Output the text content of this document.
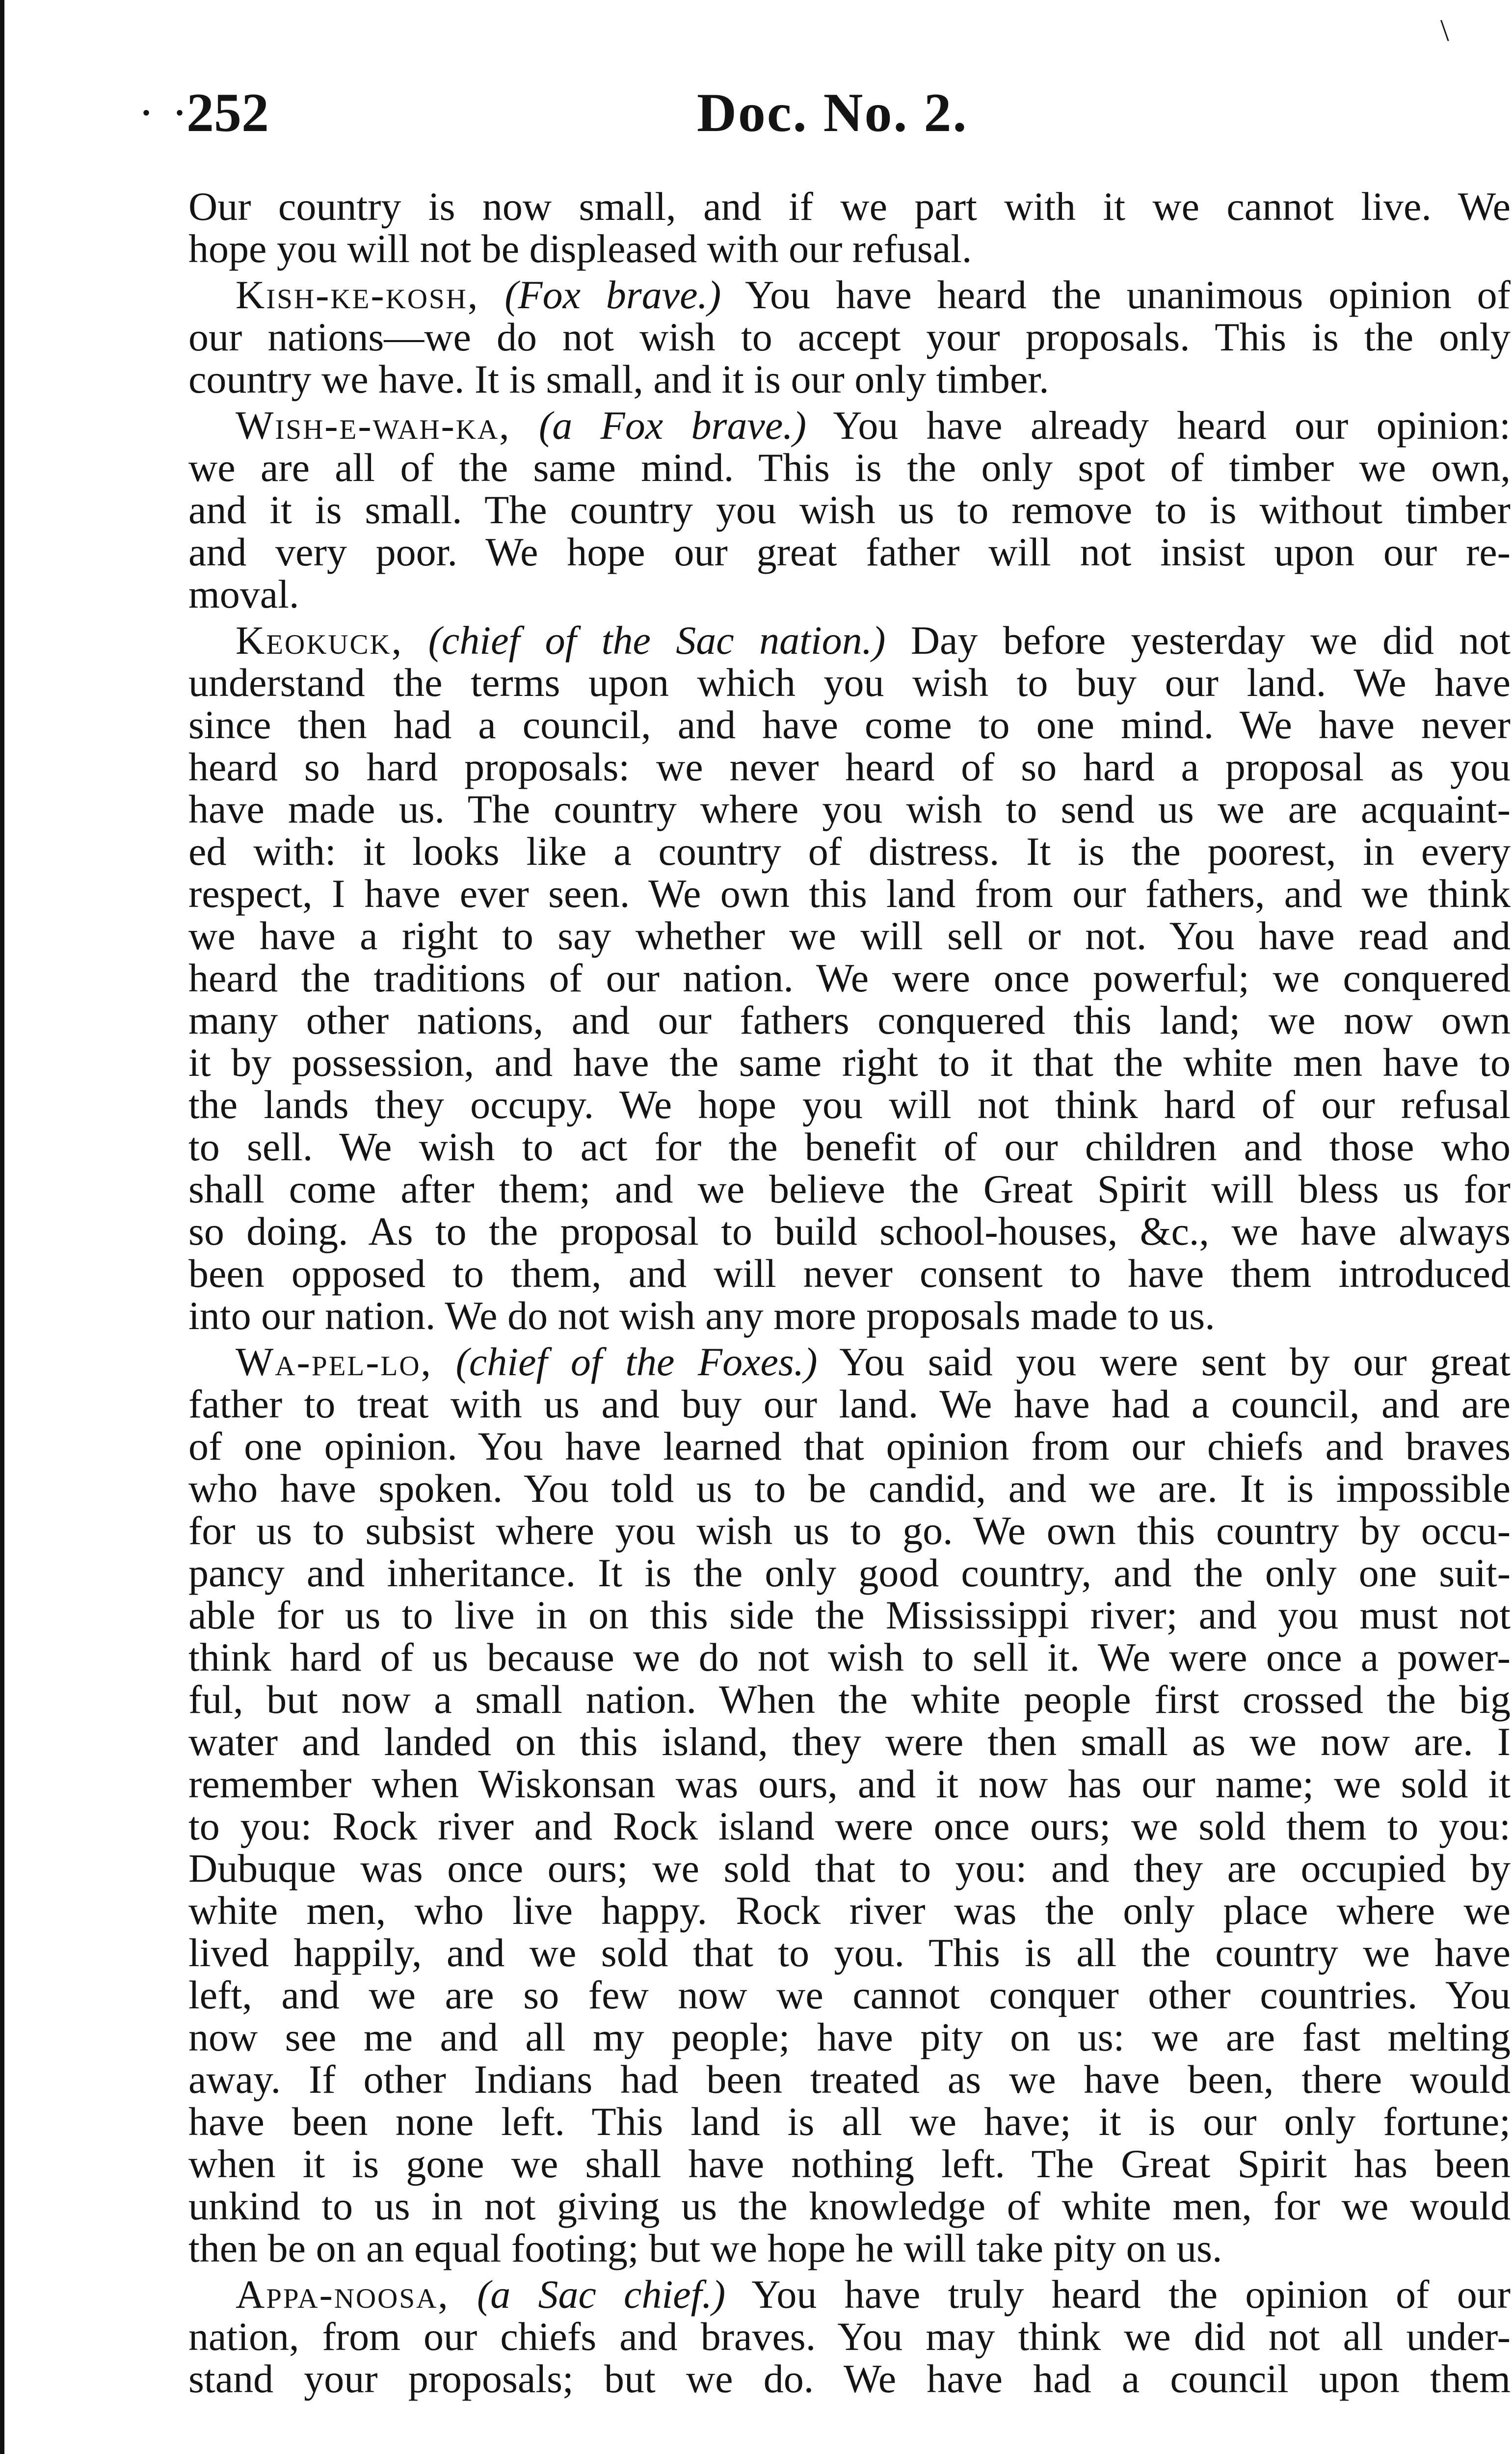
\
· ·
252	Doc. No. 2.
Our country is now small, and if we part with it we cannot live. We
hope you will not be displeased with our refusal.
Kish-ke-kosh, (Fox brave.) You have heard the unanimous opinion of
our nations—we do not wish to accept your proposals. This is the only
country we have. It is small, and it is our only timber.
Wish-e-wah-ka, (a Fox brave.) You have already heard our opinion:
we are all of the same mind. This is the only spot of timber we own,
and it is small. The country you wish us to remove to is without timber
and very poor. We hope our great father will not insist upon our re-
moval.
Keokuck, (chief of the Sac nation.) Day before yesterday we did not
understand the terms upon which you wish to buy our land. We have
since then had a council, and have come to one mind. We have never
heard so hard proposals: we never heard of so hard a proposal as you
have made us. The country where you wish to send us we are acquaint-
ed with: it looks like a country of distress. It is the poorest, in every
respect, I have ever seen. We own this land from our fathers, and we think
we have a right to say whether we will sell or not. You have read and
heard the traditions of our nation. We were once powerful; we conquered
many other nations, and our fathers conquered this land; we now own
it by possession, and have the same right to it that the white men have to
the lands they occupy. We hope you will not think hard of our refusal
to sell. We wish to act for the benefit of our children and those who
shall come after them; and we believe the Great Spirit will bless us for
so doing. As to the proposal to build school-houses, &c., we have always
been opposed to them, and will never consent to have them introduced
into our nation. We do not wish any more proposals made to us.
Wa-pel-lo, (chief of the Foxes.) You said you were sent by our great
father to treat with us and buy our land. We have had a council, and are
of one opinion. You have learned that opinion from our chiefs and braves
who have spoken. You told us to be candid, and we are. It is impossible
for us to subsist where you wish us to go. We own this country by occu-
pancy and inheritance. It is the only good country, and the only one suit-
able for us to live in on this side the Mississippi river; and you must not
think hard of us because we do not wish to sell it. We were once a power-
ful, but now a small nation. When the white people first crossed the big
water and landed on this island, they were then small as we now are. I
remember when Wiskonsan was ours, and it now has our name; we sold it
to you: Rock river and Rock island were once ours; we sold them to you:
Dubuque was once ours; we sold that to you: and they are occupied by
white men, who live happy. Rock river was the only place where we
lived happily, and we sold that to you. This is all the country we have
left, and we are so few now we cannot conquer other countries. You
now see me and all my people; have pity on us: we are fast melting
away. If other Indians had been treated as we have been, there would
have been none left. This land is all we have; it is our only fortune;
when it is gone we shall have nothing left. The Great Spirit has been
unkind to us in not giving us the knowledge of white men, for we would
then be on an equal footing; but we hope he will take pity on us.
Appa-noosa, (a Sac chief.) You have truly heard the opinion of our
nation, from our chiefs and braves. You may think we did not all under-
stand your proposals; but we do. We have had a council upon them
